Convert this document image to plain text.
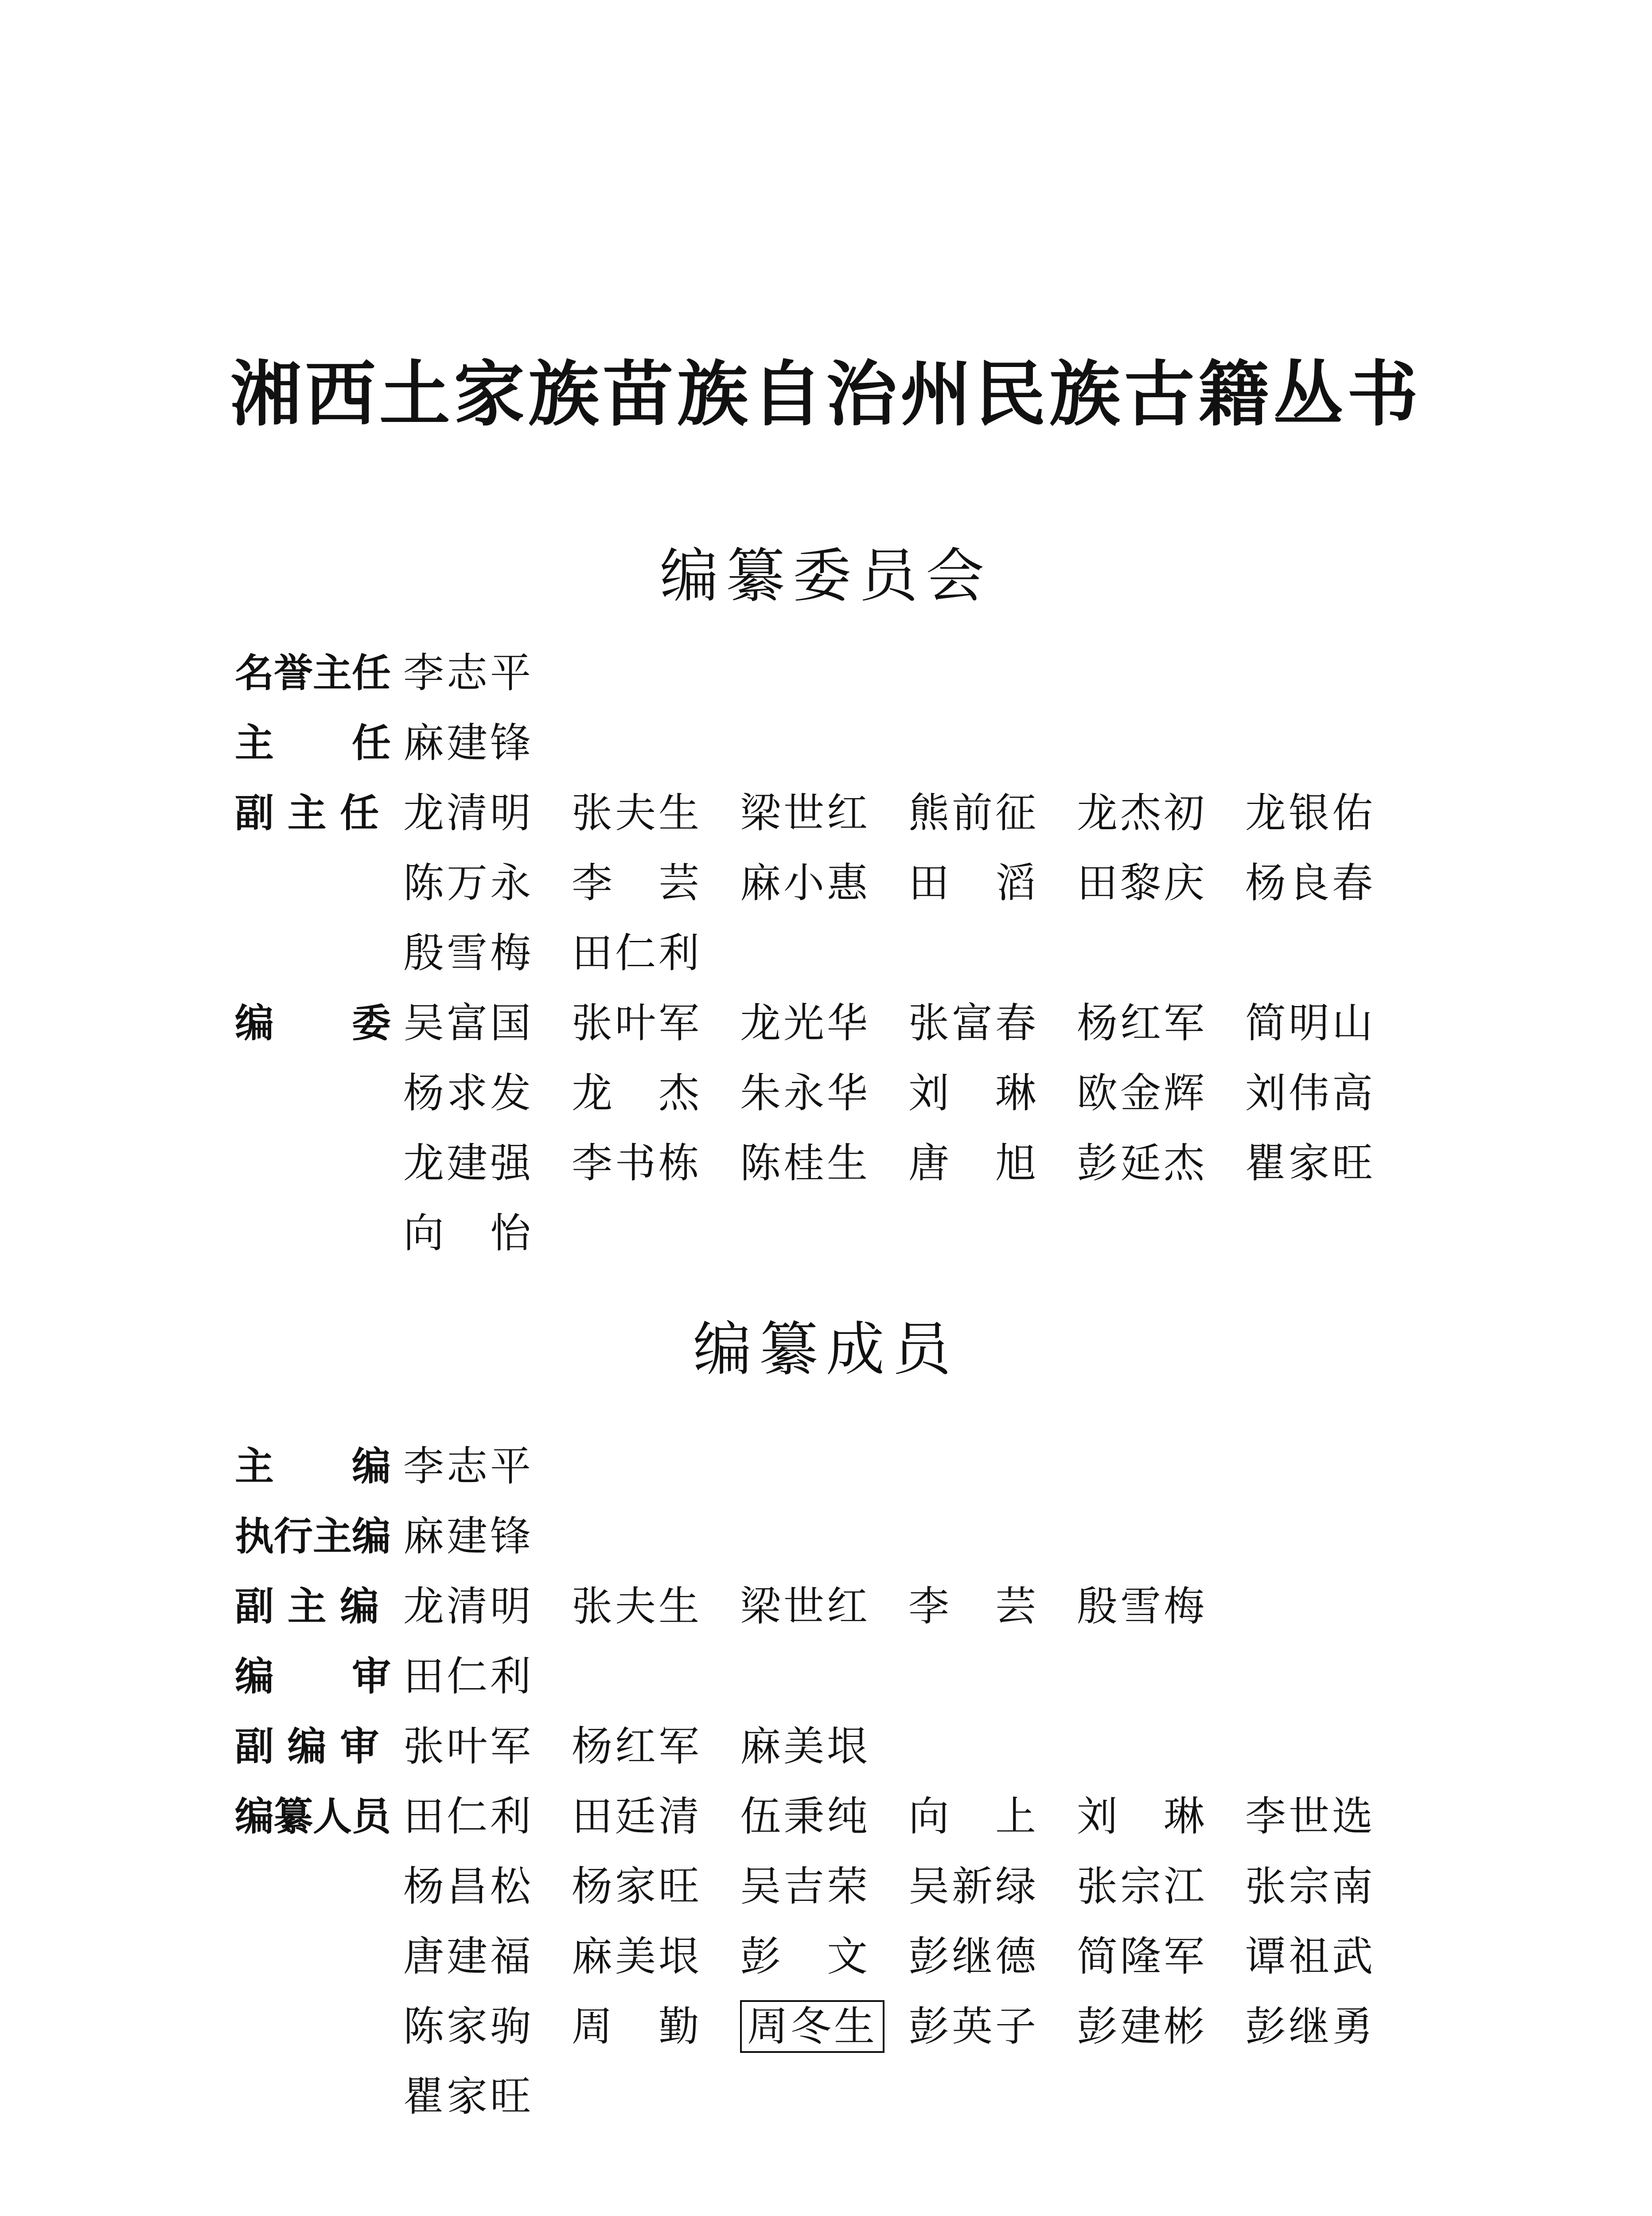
湘西土家族苗族自治州民族古籍丛书
编纂委员会
名誉主任 李志平
主　　任 麻建锋
副 主 任 龙清明 张夫生 梁世红 熊前征 龙杰初 龙银佑
陈万永 李　芸 麻小惠 田　滔 田黎庆 杨良春
殷雪梅 田仁利
编　　委 吴富国 张叶军 龙光华 张富春 杨红军 简明山
杨求发 龙　杰 朱永华 刘　琳 欧金辉 刘伟高
龙建强 李书栋 陈桂生 唐　旭 彭延杰 瞿家旺
向　怡
编纂成员
主　　编 李志平
执行主编 麻建锋
副 主 编 龙清明 张夫生 梁世红 李　芸 殷雪梅
编　　审 田仁利
副 编 审 张叶军 杨红军 麻美垠
编纂人员 田仁利 田廷清 伍秉纯 向　上 刘　琳 李世选
杨昌松 杨家旺 吴吉荣 吴新绿 张宗江 张宗南
唐建福 麻美垠 彭　文 彭继德 简隆军 谭祖武
陈家驹 周　勤	周冬生 彭英子 彭建彬 彭继勇
瞿家旺
